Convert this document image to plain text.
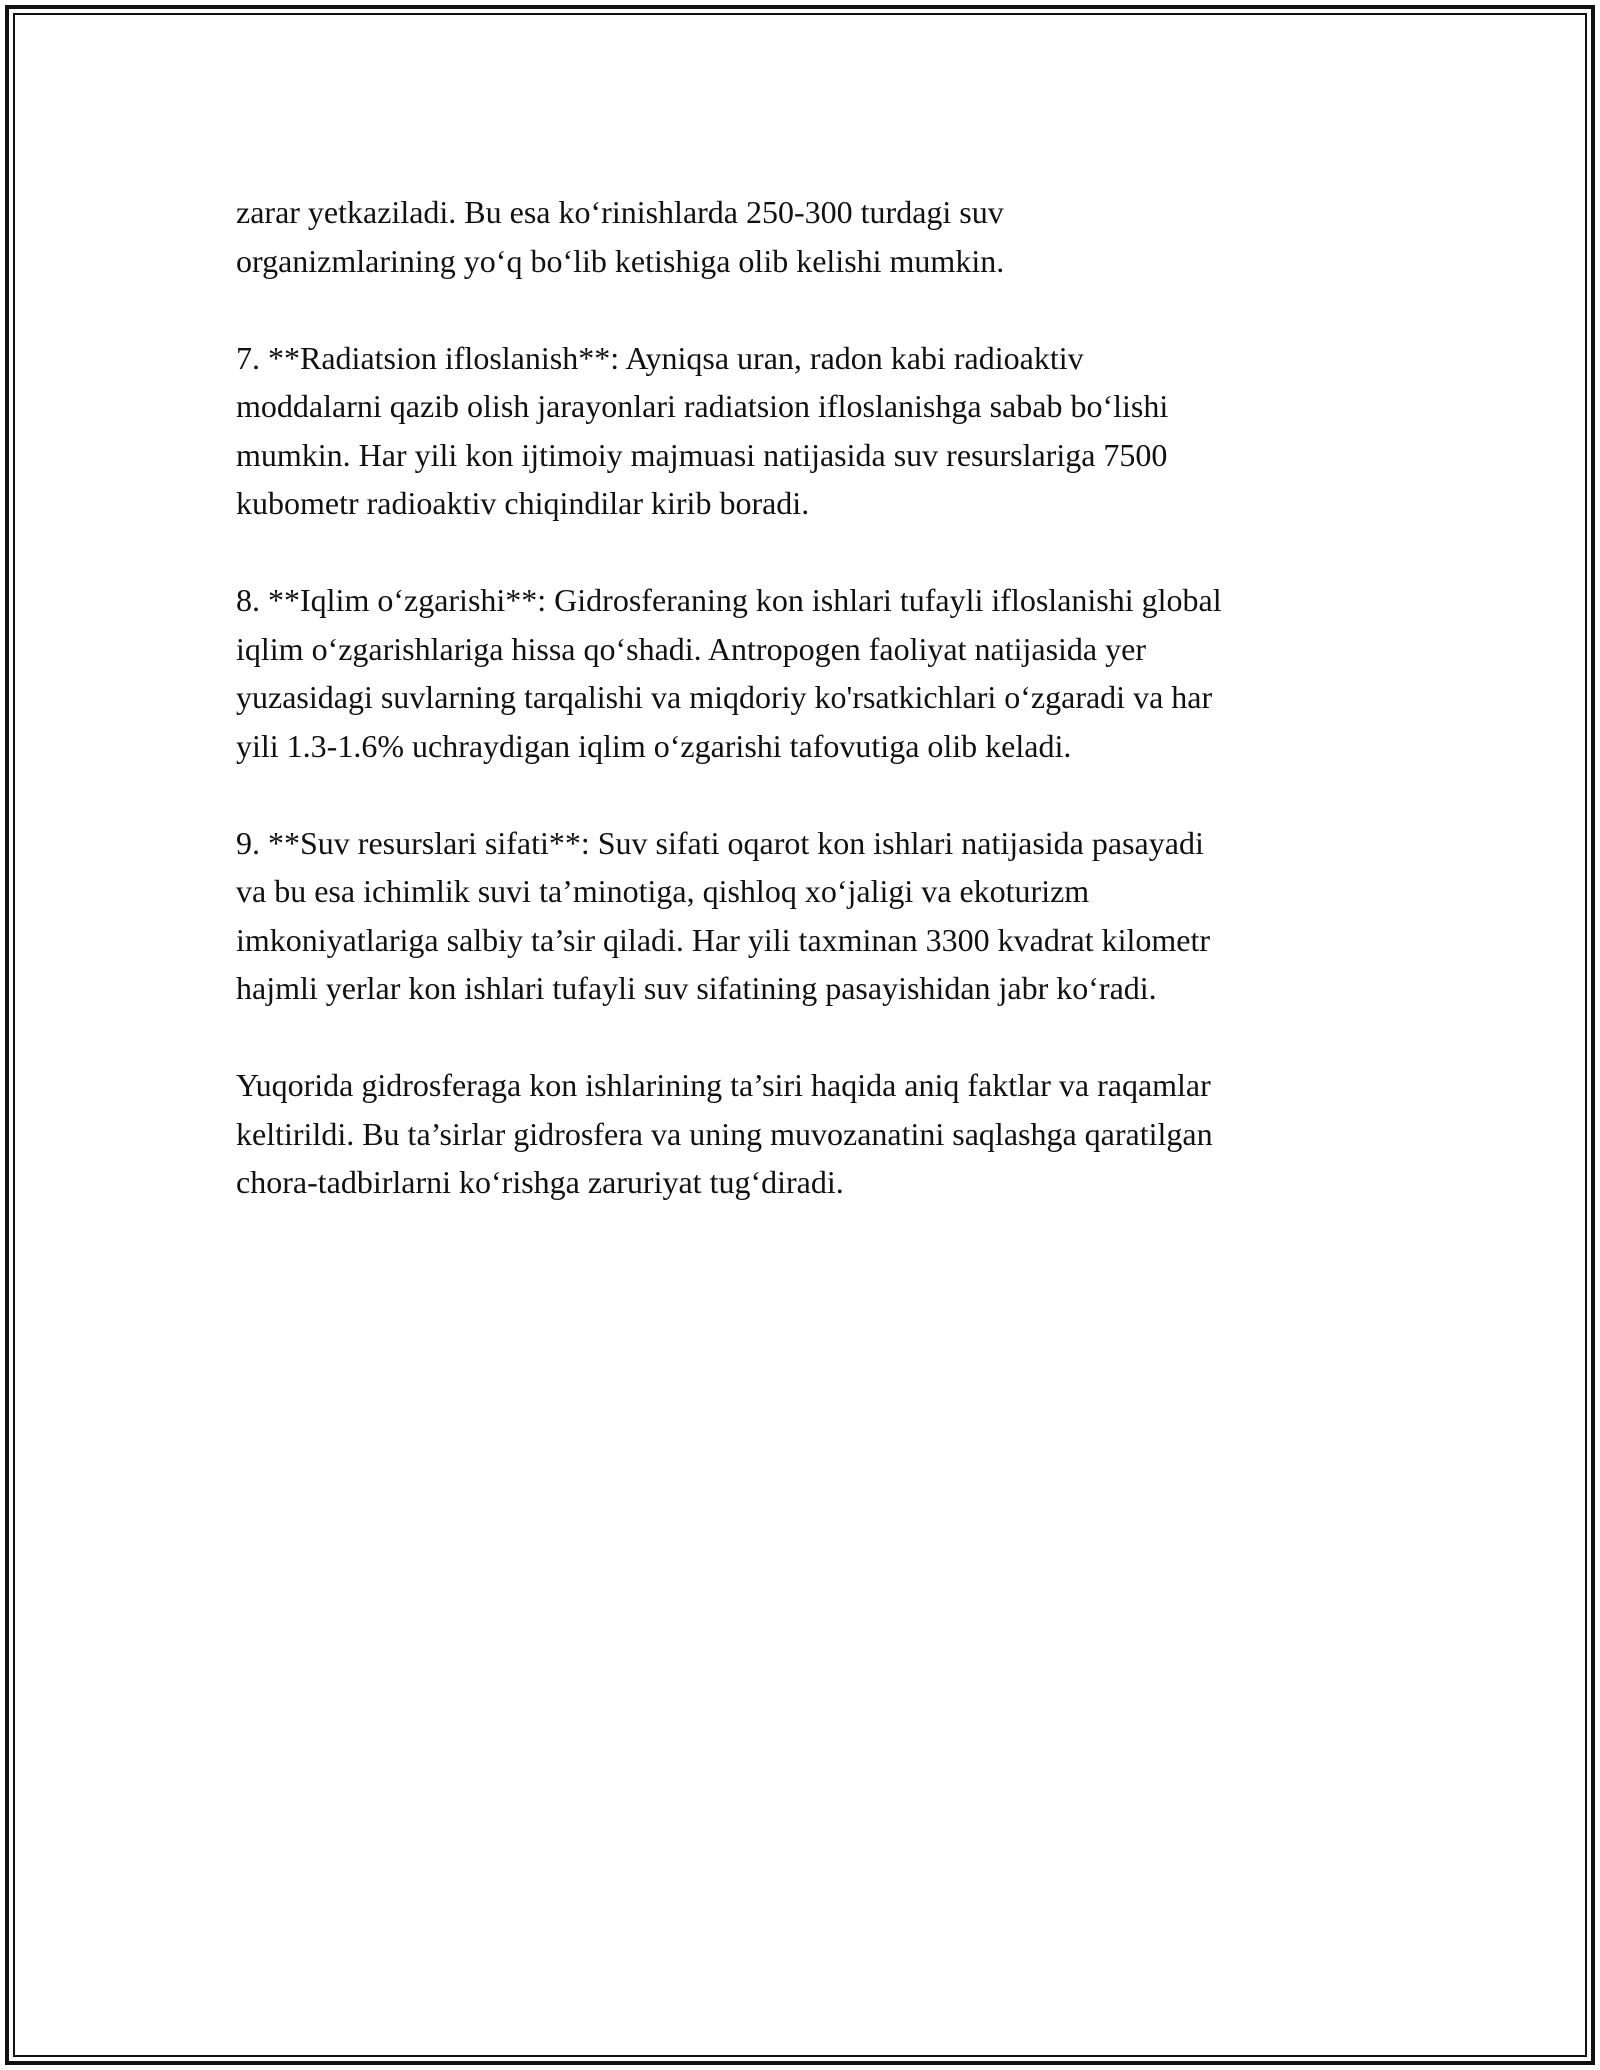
zarar yetkaziladi. Bu esa ko‘rinishlarda 250-300 turdagi suv
organizmlarining yo‘q bo‘lib ketishiga olib kelishi mumkin.

7. **Radiatsion ifloslanish**: Ayniqsa uran, radon kabi radioaktiv
moddalarni qazib olish jarayonlari radiatsion ifloslanishga sabab bo‘lishi
mumkin. Har yili kon ijtimoiy majmuasi natijasida suv resurslariga 7500
kubometr radioaktiv chiqindilar kirib boradi.

8. **Iqlim o‘zgarishi**: Gidrosferaning kon ishlari tufayli ifloslanishi global
iqlim o‘zgarishlariga hissa qo‘shadi. Antropogen faoliyat natijasida yer
yuzasidagi suvlarning tarqalishi va miqdoriy ko'rsatkichlari o‘zgaradi va har
yili 1.3-1.6% uchraydigan iqlim o‘zgarishi tafovutiga olib keladi.

9. **Suv resurslari sifati**: Suv sifati oqarot kon ishlari natijasida pasayadi
va bu esa ichimlik suvi ta’minotiga, qishloq xo‘jaligi va ekoturizm
imkoniyatlariga salbiy ta’sir qiladi. Har yili taxminan 3300 kvadrat kilometr
hajmli yerlar kon ishlari tufayli suv sifatining pasayishidan jabr ko‘radi.

Yuqorida gidrosferaga kon ishlarining ta’siri haqida aniq faktlar va raqamlar
keltirildi. Bu ta’sirlar gidrosfera va uning muvozanatini saqlashga qaratilgan
chora-tadbirlarni ko‘rishga zaruriyat tug‘diradi.
